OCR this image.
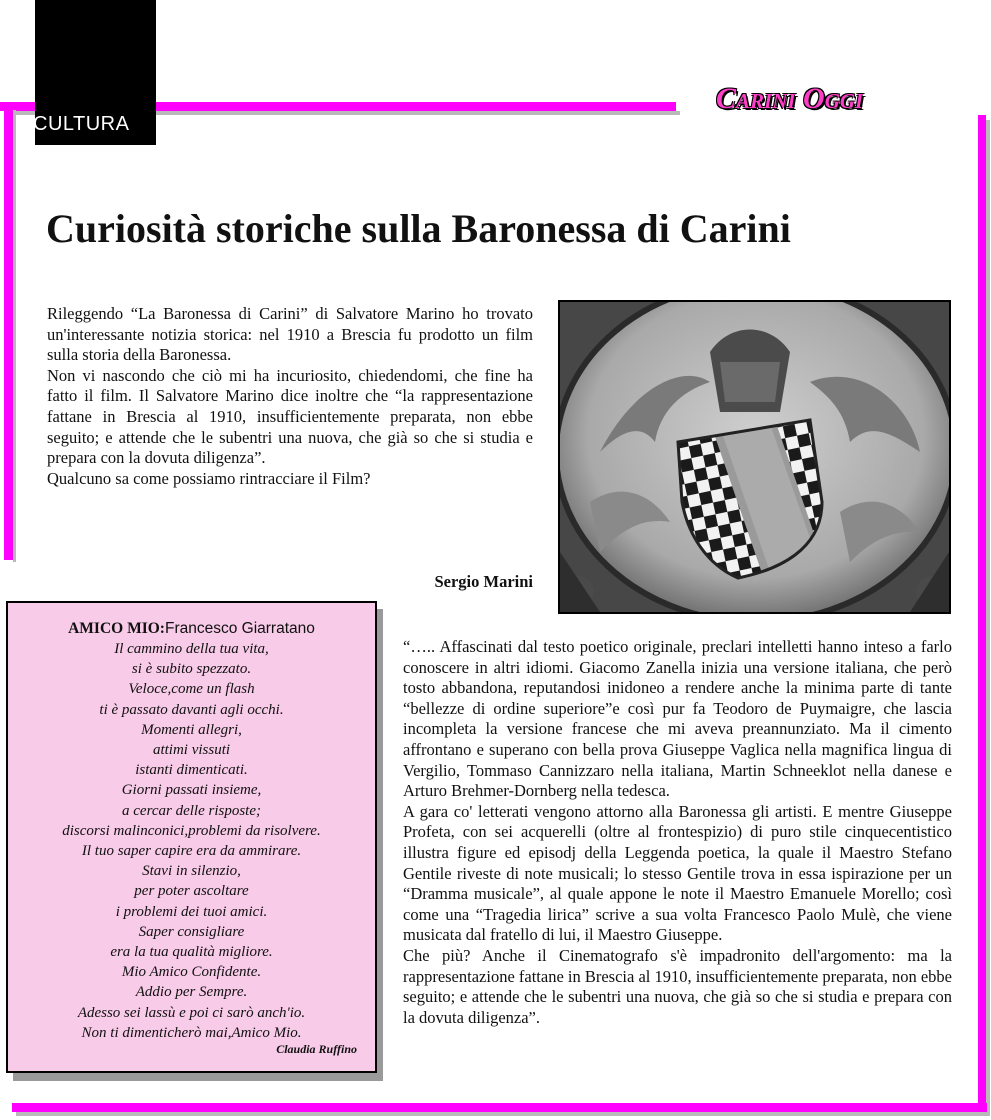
CULTURA
Carini Oggi
Curiosità storiche sulla Baronessa di Carini

Rileggendo “La Baronessa di Carini” di Salvatore Marino ho trovato un'interessante notizia storica: nel 1910 a Brescia fu prodotto un film sulla storia della Baronessa.

Non vi nascondo che ciò mi ha incuriosito, chiedendomi, che fine ha fatto il film. Il Salvatore Marino dice inoltre che “la rappresentazione fattane in Brescia al 1910, insufficientemente preparata, non ebbe seguito; e attende che le subentri una nuova, che già so che si studia e prepara con la dovuta diligenza”.

Qualcuno sa come possiamo rintracciare il Film?

Sergio Marini
AMICO MIO:Francesco Giarratano
Il cammino della tua vita,
si è subito spezzato.
Veloce,come un flash
ti è passato davanti agli occhi.
Momenti allegri,
attimi vissuti
istanti dimenticati.
Giorni passati insieme,
a cercar delle risposte;
discorsi malinconici,problemi da risolvere.
Il tuo saper capire era da ammirare.
Stavi in silenzio,
per poter ascoltare
i problemi dei tuoi amici.
Saper consigliare
era la tua qualità migliore.
Mio Amico Confidente.
Addio per Sempre.
Adesso sei lassù e poi ci sarò anch'io.
Non ti dimenticherò mai,Amico Mio.
Claudia Ruffino

“….. Affascinati dal testo poetico originale, preclari intelletti hanno inteso a farlo conoscere in altri idiomi. Giacomo Zanella inizia una versione italiana, che però tosto abbandona, reputandosi inidoneo a rendere anche la minima parte di tante “bellezze di ordine superiore”e così pur fa Teodoro de Puymaigre, che lascia incompleta la versione francese che mi aveva preannunziato. Ma il cimento affrontano e superano con bella prova Giuseppe Vaglica nella magnifica lingua di Vergilio, Tommaso Cannizzaro nella italiana, Martin Schneeklot nella danese e Arturo Brehmer-Dornberg nella tedesca.

A gara co' letterati vengono attorno alla Baronessa gli artisti. E mentre Giuseppe Profeta, con sei acquerelli (oltre al frontespizio) di puro stile cinquecentistico illustra figure ed episodj della Leggenda poetica, la quale il Maestro Stefano Gentile riveste di note musicali; lo stesso Gentile trova in essa ispirazione per un “Dramma musicale”, al quale appone le note il Maestro Emanuele Morello; così come una “Tragedia lirica” scrive a sua volta Francesco Paolo Mulè, che viene musicata dal fratello di lui, il Maestro Giuseppe.

Che più? Anche il Cinematografo s'è impadronito dell'argomento: ma la rappresentazione fattane in Brescia al 1910, insufficientemente preparata, non ebbe seguito; e attende che le subentri una nuova, che già so che si studia e prepara con la dovuta diligenza”.
